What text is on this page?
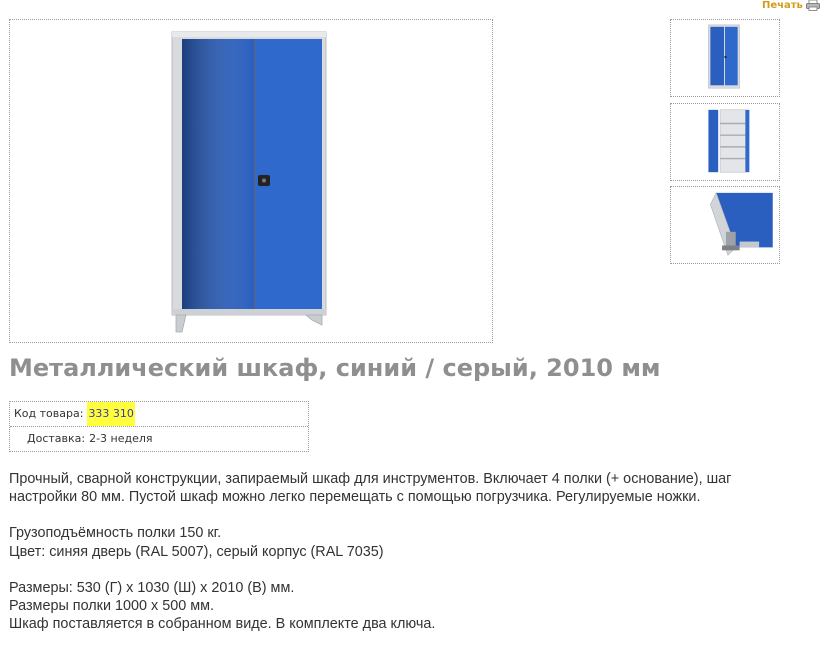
Печать
Металлический шкаф, синий / серый, 2010 мм
Код товара: 333 310
Доставка: 2-3 неделя

Прочный, сварной конструкции, запираемый шкаф для инструментов. Включает 4 полки (+ основание), шаг

настройки 80 мм. Пустой шкаф можно легко перемещать с помощью погрузчика. Регулируемые ножки.

Грузоподъёмность полки 150 кг.

Цвет: синяя дверь (RAL 5007), серый корпус (RAL 7035)

Размеры: 530 (Г) x 1030 (Ш) x 2010 (В) мм.

Размеры полки 1000 x 500 мм.

Шкаф поставляется в собранном виде. В комплекте два ключа.
